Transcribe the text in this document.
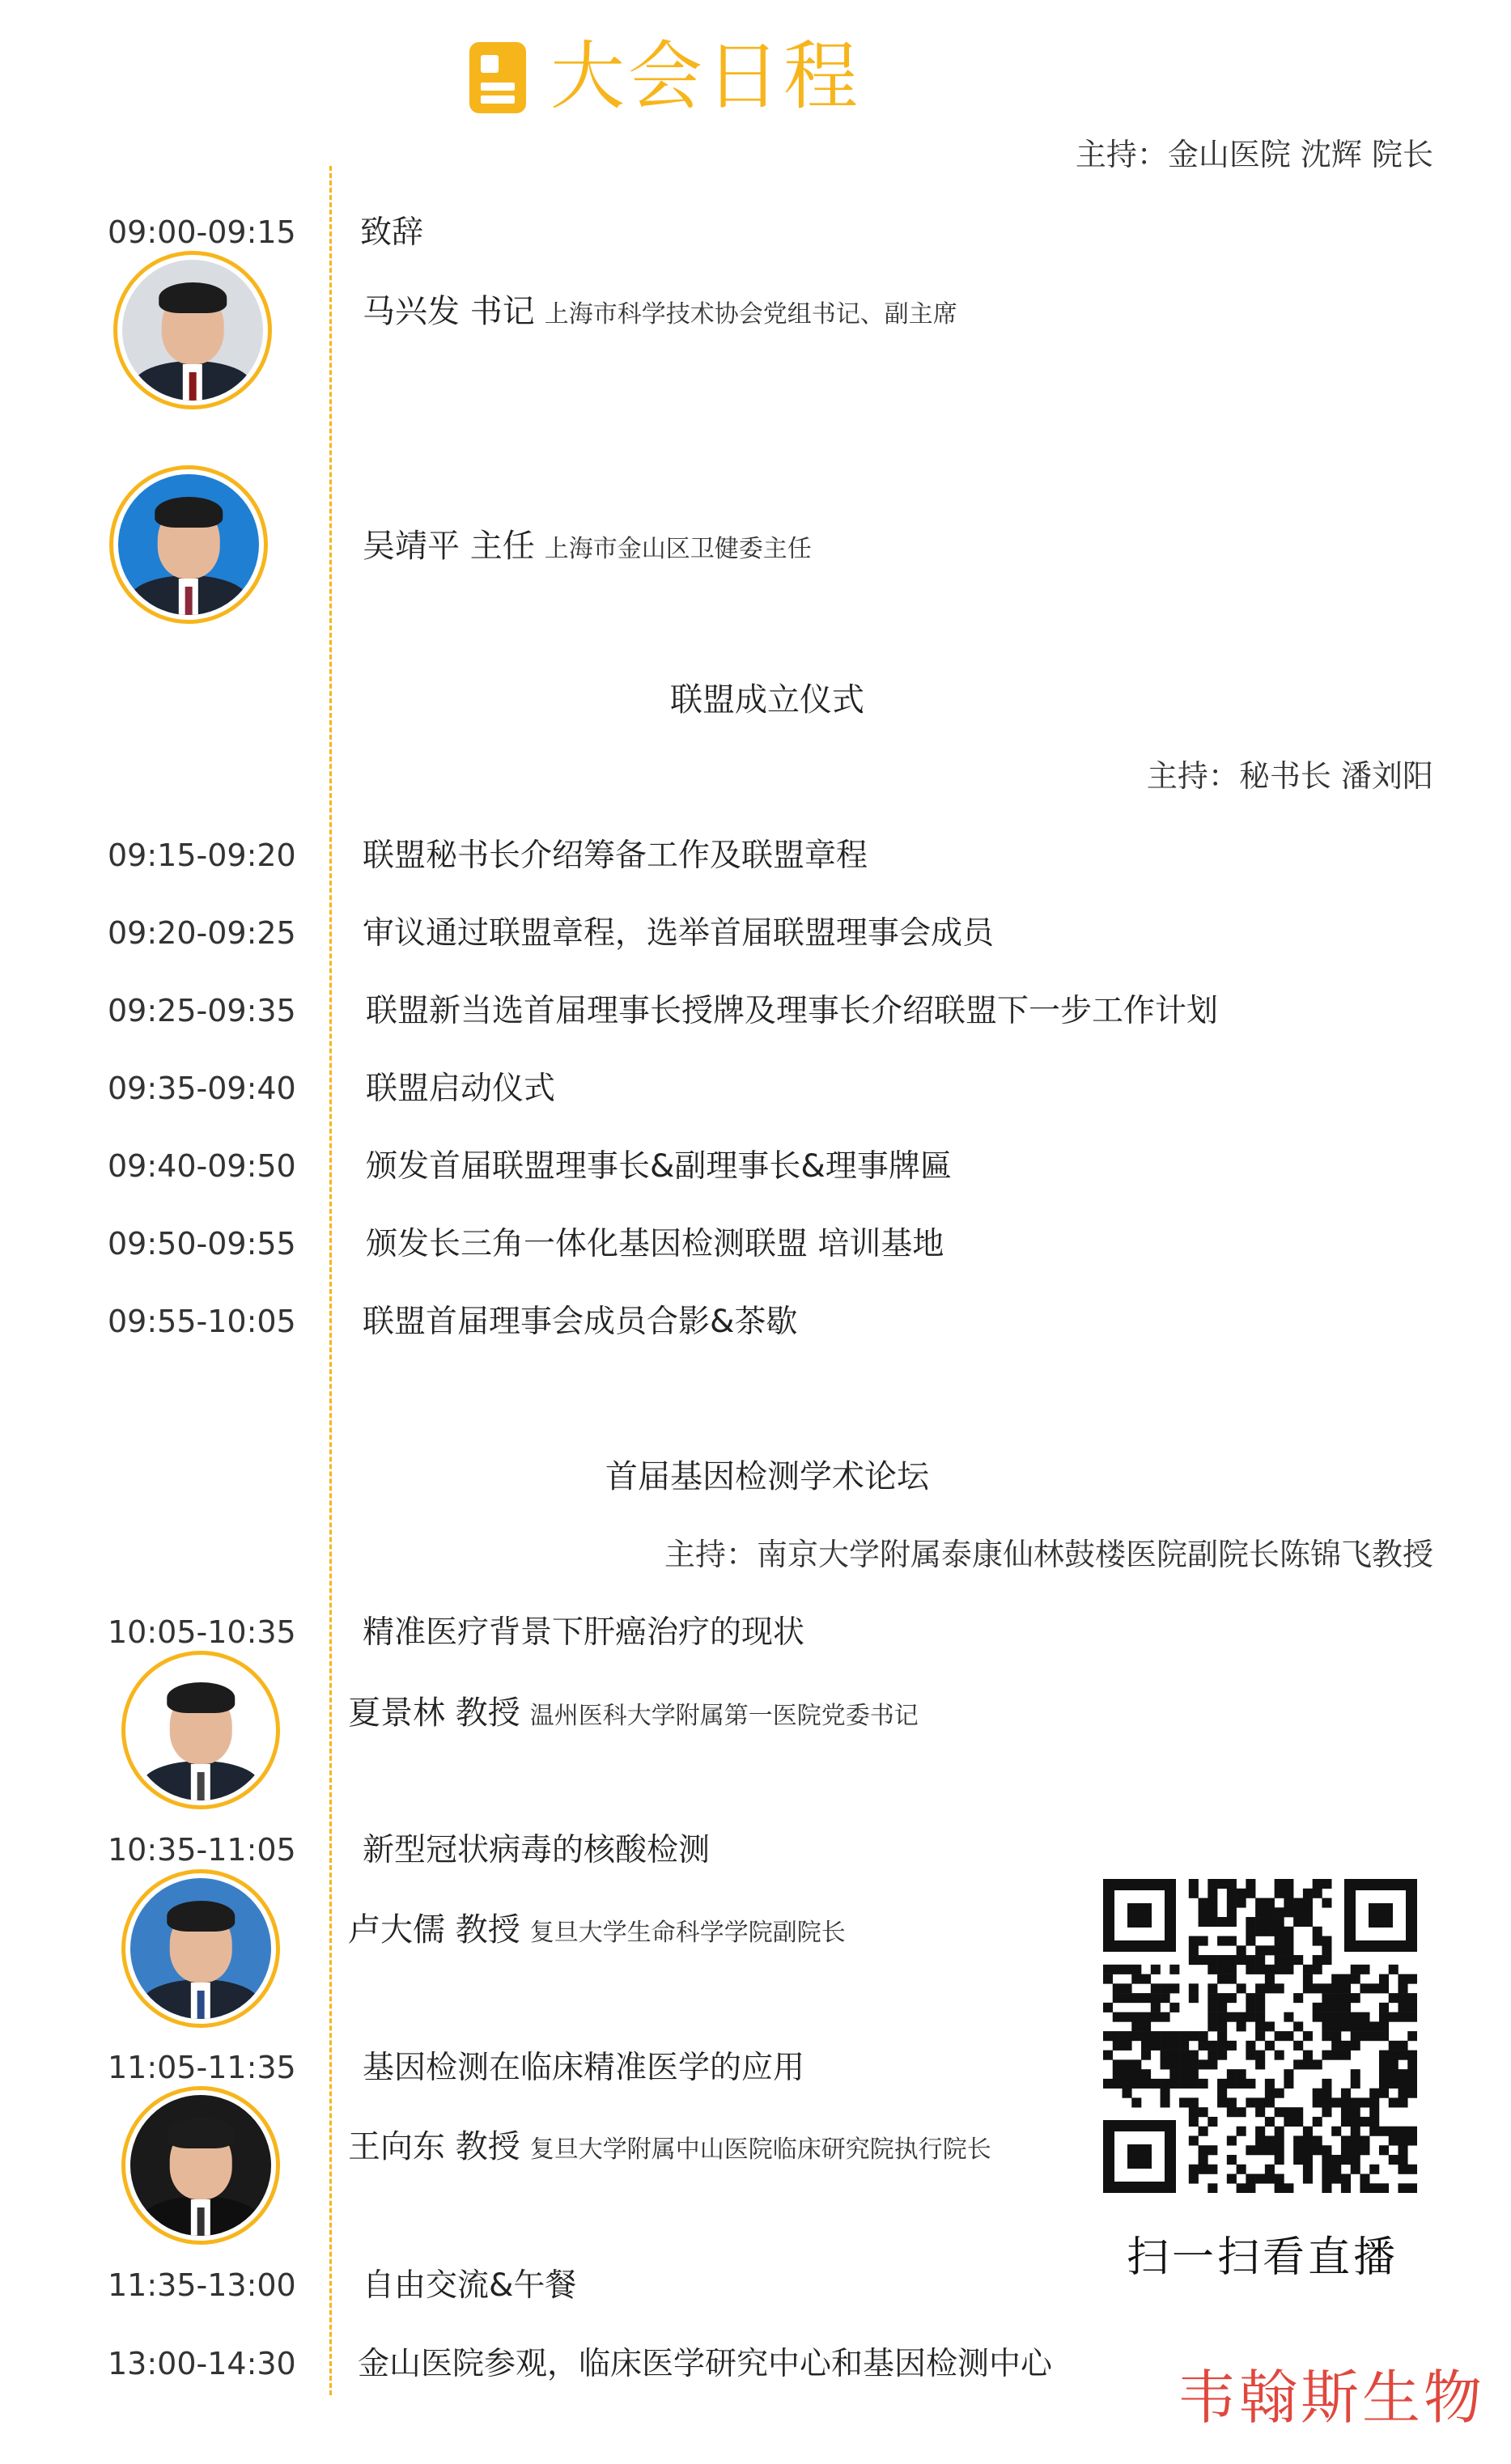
大会日程
主持：金山医院 沈辉 院长
09:00-09:15 致辞
马兴发 书记 上海市科学技术协会党组书记、副主席
吴靖平 主任 上海市金山区卫健委主任
联盟成立仪式
主持：秘书长 潘刘阳
09:15-09:20 联盟秘书长介绍筹备工作及联盟章程
09:20-09:25 审议通过联盟章程，选举首届联盟理事会成员
09:25-09:35 联盟新当选首届理事长授牌及理事长介绍联盟下一步工作计划
09:35-09:40 联盟启动仪式
09:40-09:50 颁发首届联盟理事长&副理事长&理事牌匾
09:50-09:55 颁发长三角一体化基因检测联盟 培训基地
09:55-10:05 联盟首届理事会成员合影&茶歇
首届基因检测学术论坛
主持：南京大学附属泰康仙林鼓楼医院副院长陈锦飞教授
10:05-10:35 精准医疗背景下肝癌治疗的现状
夏景林 教授 温州医科大学附属第一医院党委书记
10:35-11:05 新型冠状病毒的核酸检测
卢大儒 教授 复旦大学生命科学学院副院长
11:05-11:35 基因检测在临床精准医学的应用
王向东 教授 复旦大学附属中山医院临床研究院执行院长
11:35-13:00 自由交流&午餐
13:00-14:30 金山医院参观，临床医学研究中心和基因检测中心
扫一扫看直播
韦翰斯生物
